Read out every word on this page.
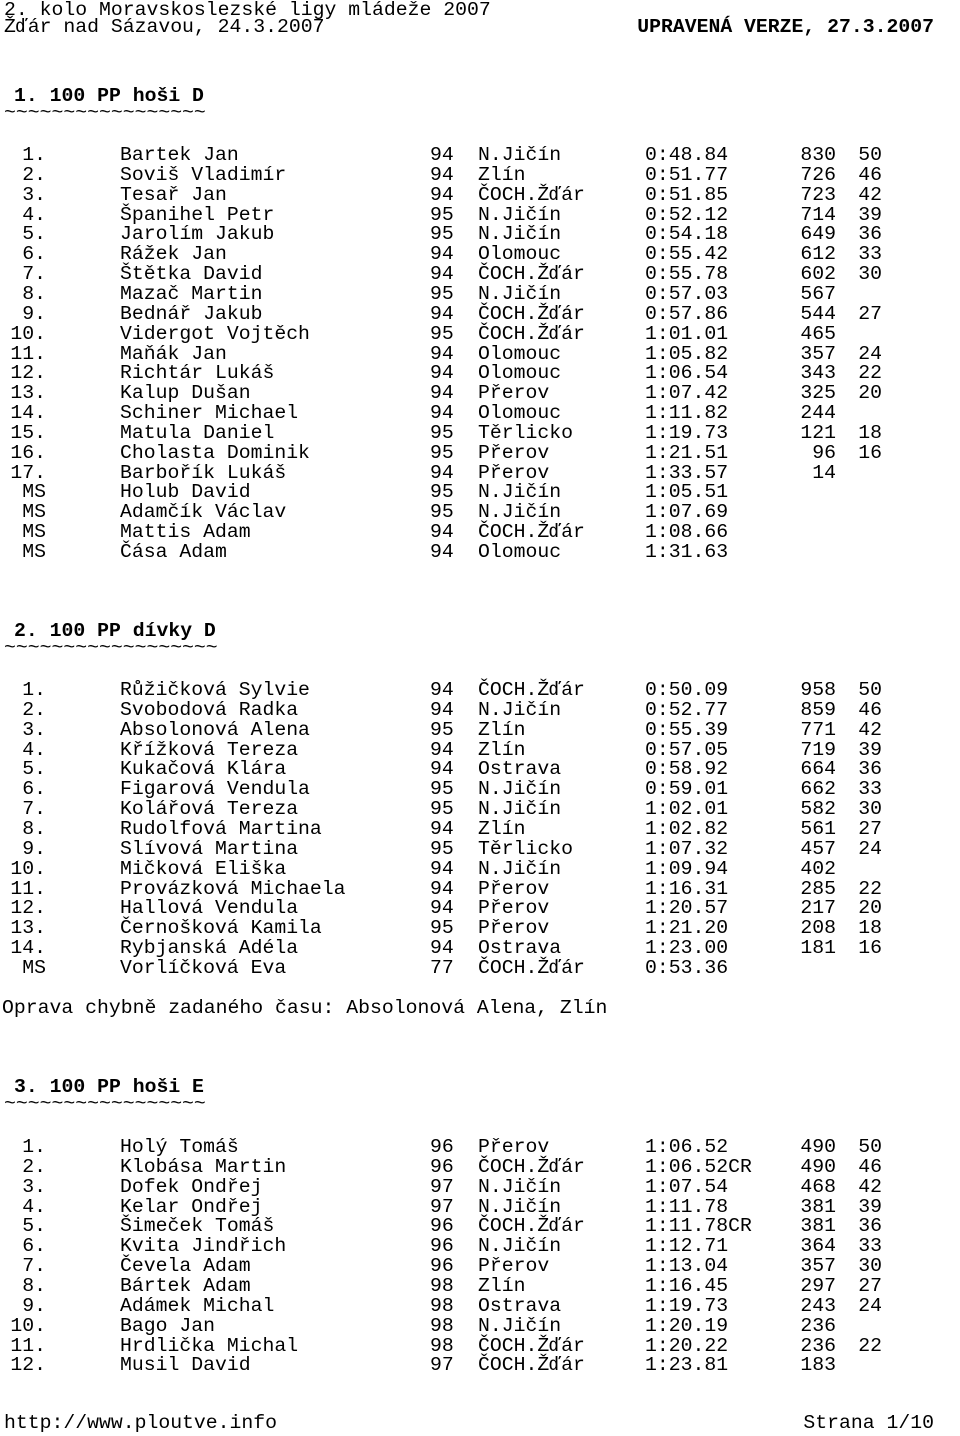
2. kolo Moravskoslezské ligy mládeže 2007
Žďár nad Sázavou, 24.3.2007	UPRAVENÁ VERZE, 27.3.2007
1. 100 PP hoši D
~~~~~~~~~~~~~~~~~
1.	Bartek Jan	94 N.Jičín	0:48.84	830	50
2.	Soviš Vladimír	94 Zlín	0:51.77	726	46
3.	Tesař Jan	94 ČOCH.Žďár	0:51.85	723	42
4.	Španihel Petr	95 N.Jičín	0:52.12	714	39
5.	Jarolím Jakub	95 N.Jičín	0:54.18	649	36
6.	Rážek Jan	94 Olomouc	0:55.42	612	33
7.	Štětka David	94 ČOCH.Žďár	0:55.78	602	30
8.	Mazač Martin	95 N.Jičín	0:57.03	567
9.	Bednář Jakub	94 ČOCH.Žďár	0:57.86	544	27
10.	Vidergot Vojtěch	95 ČOCH.Žďár	1:01.01	465
11.	Maňák Jan	94 Olomouc	1:05.82	357	24
12.	Richtár Lukáš	94 Olomouc	1:06.54	343	22
13.	Kalup Dušan	94 Přerov	1:07.42	325	20
14.	Schiner Michael	94 Olomouc	1:11.82	244
15.	Matula Daniel	95 Těrlicko	1:19.73	121	18
16.	Cholasta Dominik	95 Přerov	1:21.51	96	16
17.	Barbořík Lukáš	94 Přerov	1:33.57	14
MS	Holub David	95 N.Jičín	1:05.51
MS	Adamčík Václav	95 N.Jičín	1:07.69
MS	Mattis Adam	94 ČOCH.Žďár	1:08.66
MS	Čása Adam	94 Olomouc	1:31.63
2. 100 PP dívky D
~~~~~~~~~~~~~~~~~~
1.	Růžičková Sylvie	94 ČOCH.Žďár	0:50.09	958	50
2.	Svobodová Radka	94 N.Jičín	0:52.77	859	46
3.	Absolonová Alena	95 Zlín	0:55.39	771	42
4.	Křížková Tereza	94 Zlín	0:57.05	719	39
5.	Kukačová Klára	94 Ostrava	0:58.92	664	36
6.	Figarová Vendula	95 N.Jičín	0:59.01	662	33
7.	Kolářová Tereza	95 N.Jičín	1:02.01	582	30
8.	Rudolfová Martina	94 Zlín	1:02.82	561	27
9.	Slívová Martina	95 Těrlicko	1:07.32	457	24
10.	Mičková Eliška	94 N.Jičín	1:09.94	402
11.	Provázková Michaela	94 Přerov	1:16.31	285	22
12.	Hallová Vendula	94 Přerov	1:20.57	217	20
13.	Černošková Kamila	95 Přerov	1:21.20	208	18
14.	Rybjanská Adéla	94 Ostrava	1:23.00	181	16
MS	Vorlíčková Eva	77 ČOCH.Žďár	0:53.36
Oprava chybně zadaného času: Absolonová Alena, Zlín
3. 100 PP hoši E
~~~~~~~~~~~~~~~~~
1.	Holý Tomáš	96 Přerov	1:06.52	490	50
2.	Klobása Martin	96 ČOCH.Žďár	1:06.52CR	490	46
3.	Dofek Ondřej	97 N.Jičín	1:07.54	468	42
4.	Kelar Ondřej	97 N.Jičín	1:11.78	381	39
5.	Šimeček Tomáš	96 ČOCH.Žďár	1:11.78CR	381	36
6.	Kvita Jindřich	96 N.Jičín	1:12.71	364	33
7.	Čevela Adam	96 Přerov	1:13.04	357	30
8.	Bártek Adam	98 Zlín	1:16.45	297	27
9.	Adámek Michal	98 Ostrava	1:19.73	243	24
10.	Bago Jan	98 N.Jičín	1:20.19	236
11.	Hrdlička Michal	98 ČOCH.Žďár	1:20.22	236	22
12.	Musil David	97 ČOCH.Žďár	1:23.81	183
http://www.ploutve.info	Strana 1/10
